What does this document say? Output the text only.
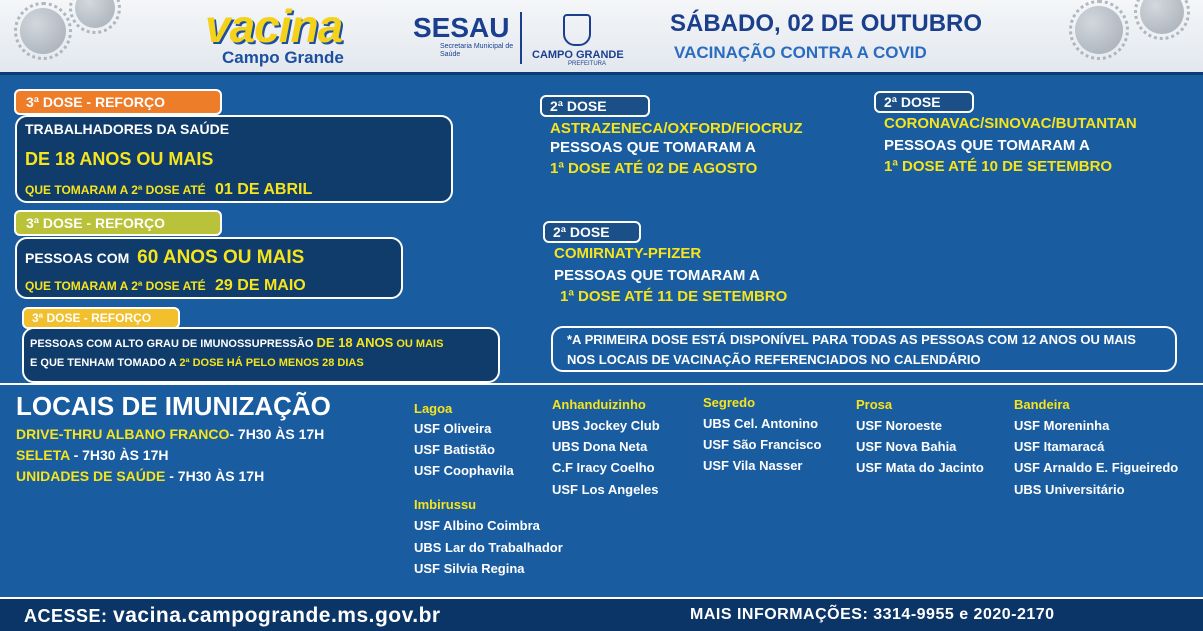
vacina
Campo Grande
SESAU
Secretaria Municipal de Saúde	CAMPO GRANDE
PREFEITURA
SÁBADO, 02 DE OUTUBRO
VACINAÇÃO CONTRA A COVID
3ª DOSE - REFORÇO
TRABALHADORES DA SAÚDE
DE 18 ANOS OU MAIS
QUE TOMARAM A 2ª DOSE ATÉ 01 DE ABRIL
3ª DOSE - REFORÇO
PESSOAS COM 60 ANOS OU MAIS
QUE TOMARAM A 2ª DOSE ATÉ 29 DE MAIO
3ª DOSE - REFORÇO
PESSOAS COM ALTO GRAU DE IMUNOSSUPRESSÃO DE 18 ANOS OU MAIS
E QUE TENHAM TOMADO A 2ª DOSE HÁ PELO MENOS 28 DIAS
2ª DOSE
ASTRAZENECA/OXFORD/FIOCRUZ
PESSOAS QUE TOMARAM A
1ª DOSE ATÉ 02 DE AGOSTO
2ª DOSE
CORONAVAC/SINOVAC/BUTANTAN
PESSOAS QUE TOMARAM A
1ª DOSE ATÉ 10 DE SETEMBRO
2ª DOSE
COMIRNATY-PFIZER
PESSOAS QUE TOMARAM A
1ª DOSE ATÉ 11 DE SETEMBRO
*A PRIMEIRA DOSE ESTÁ DISPONÍVEL PARA TODAS AS PESSOAS COM 12 ANOS OU MAIS
NOS LOCAIS DE VACINAÇÃO REFERENCIADOS NO CALENDÁRIO
LOCAIS DE IMUNIZAÇÃO
DRIVE-THRU ALBANO FRANCO- 7H30 ÀS 17H
SELETA - 7H30 ÀS 17H
UNIDADES DE SAÚDE - 7H30 ÀS 17H
Lagoa
USF Oliveira
USF Batistão
USF Coophavila
Imbirussu
USF Albino Coimbra
UBS Lar do Trabalhador
USF Silvia Regina
Anhanduizinho
UBS Jockey Club
UBS Dona Neta
C.F Iracy Coelho
USF Los Angeles
Segredo
UBS Cel. Antonino
USF São Francisco
USF Vila Nasser
Prosa
USF Noroeste
USF Nova Bahia
USF Mata do Jacinto
Bandeira
USF Moreninha
USF Itamaracá
USF Arnaldo E. Figueiredo
UBS Universitário
ACESSE: vacina.campogrande.ms.gov.br	MAIS INFORMAÇÕES: 3314-9955 e 2020-2170
